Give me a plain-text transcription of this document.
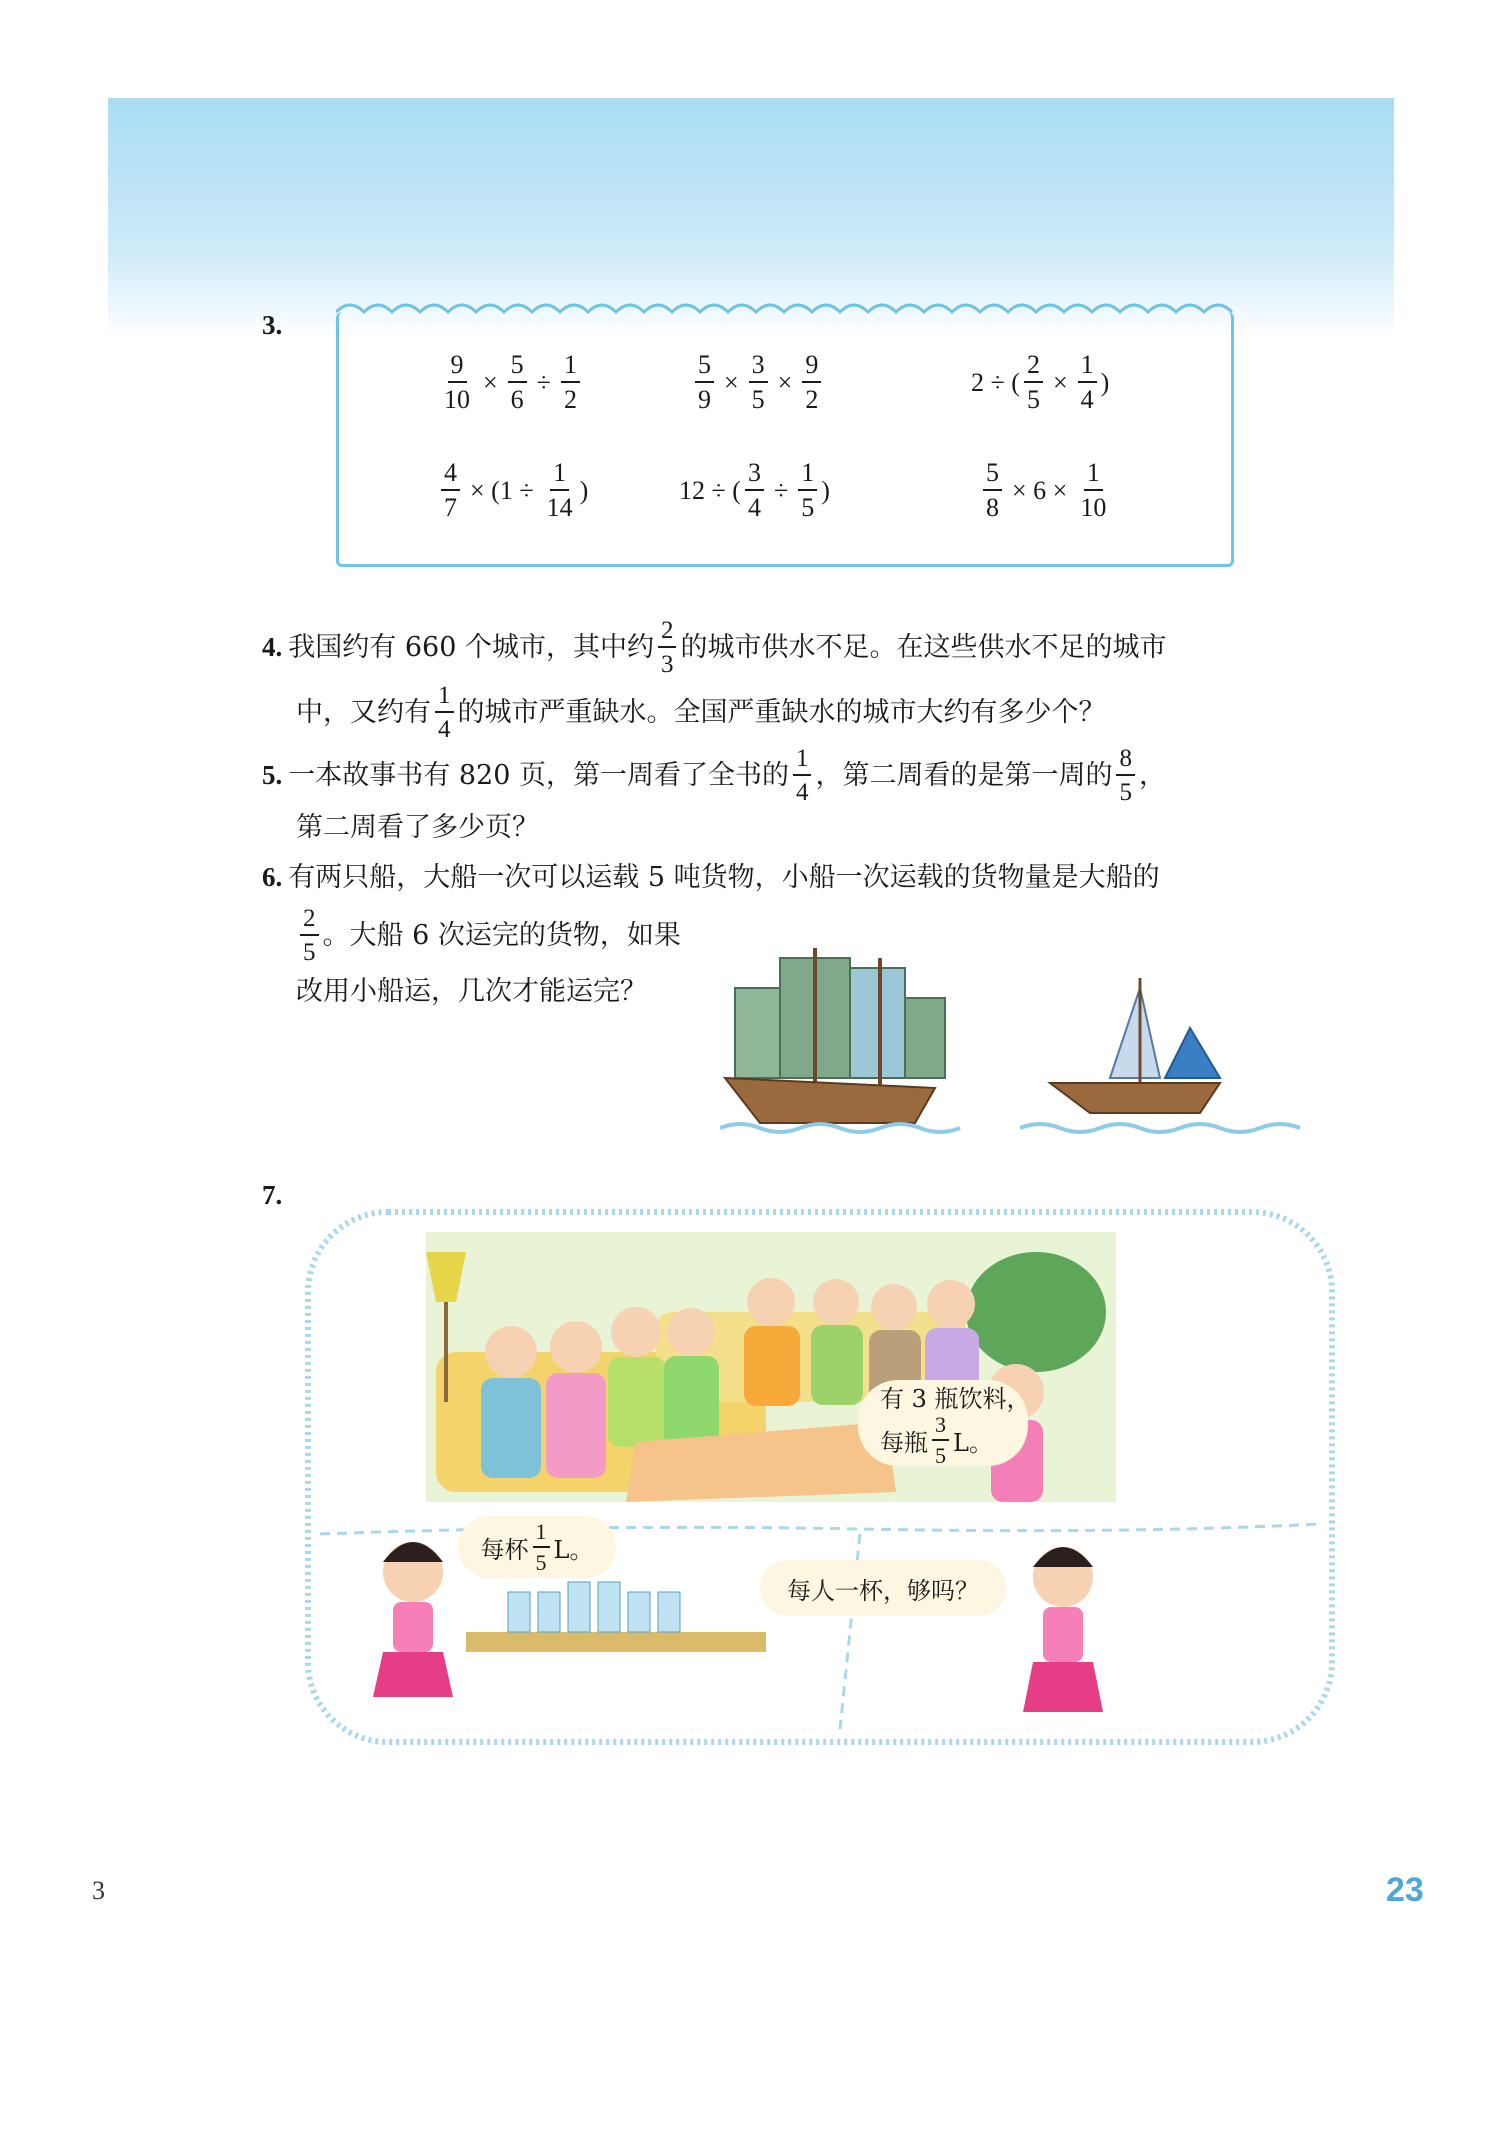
3.
$\frac{9}{10} \times \frac{5}{6} \div \frac{1}{2}$	$\frac{5}{9} \times \frac{3}{5} \times \frac{9}{2}$	2 ÷ ( $\frac{2}{5} \times \frac{1}{4}$ )
$\frac{4}{7} \times (1 \div \frac{1}{14}$ )	12 ÷ ( $\frac{3}{4} \div \frac{1}{5}$ )	$\frac{5}{8} \times 6 \times \frac{1}{10}$
4. 我国约有 660 个城市，其中约 $\frac{2}{3}$ 的城市供水不足。在这些供水不足的城市
中，又约有 $\frac{1}{4}$ 的城市严重缺水。全国严重缺水的城市大约有多少个？
5. 一本故事书有 820 页，第一周看了全书的 $\frac{1}{4}$ ，第二周看的是第一周的 $\frac{8}{5}$ ，
第二周看了多少页？
6. 有两只船，大船一次可以运载 5 吨货物，小船一次运载的货物量是大船的
$\frac{2}{5}$ 。大船 6 次运完的货物，如果
改用小船运，几次才能运完？
7.
有 3 瓶饮料，
每瓶 $\frac{3}{5}$ L。
每杯 $\frac{1}{5}$ L。
每人一杯，够吗？
23
3
